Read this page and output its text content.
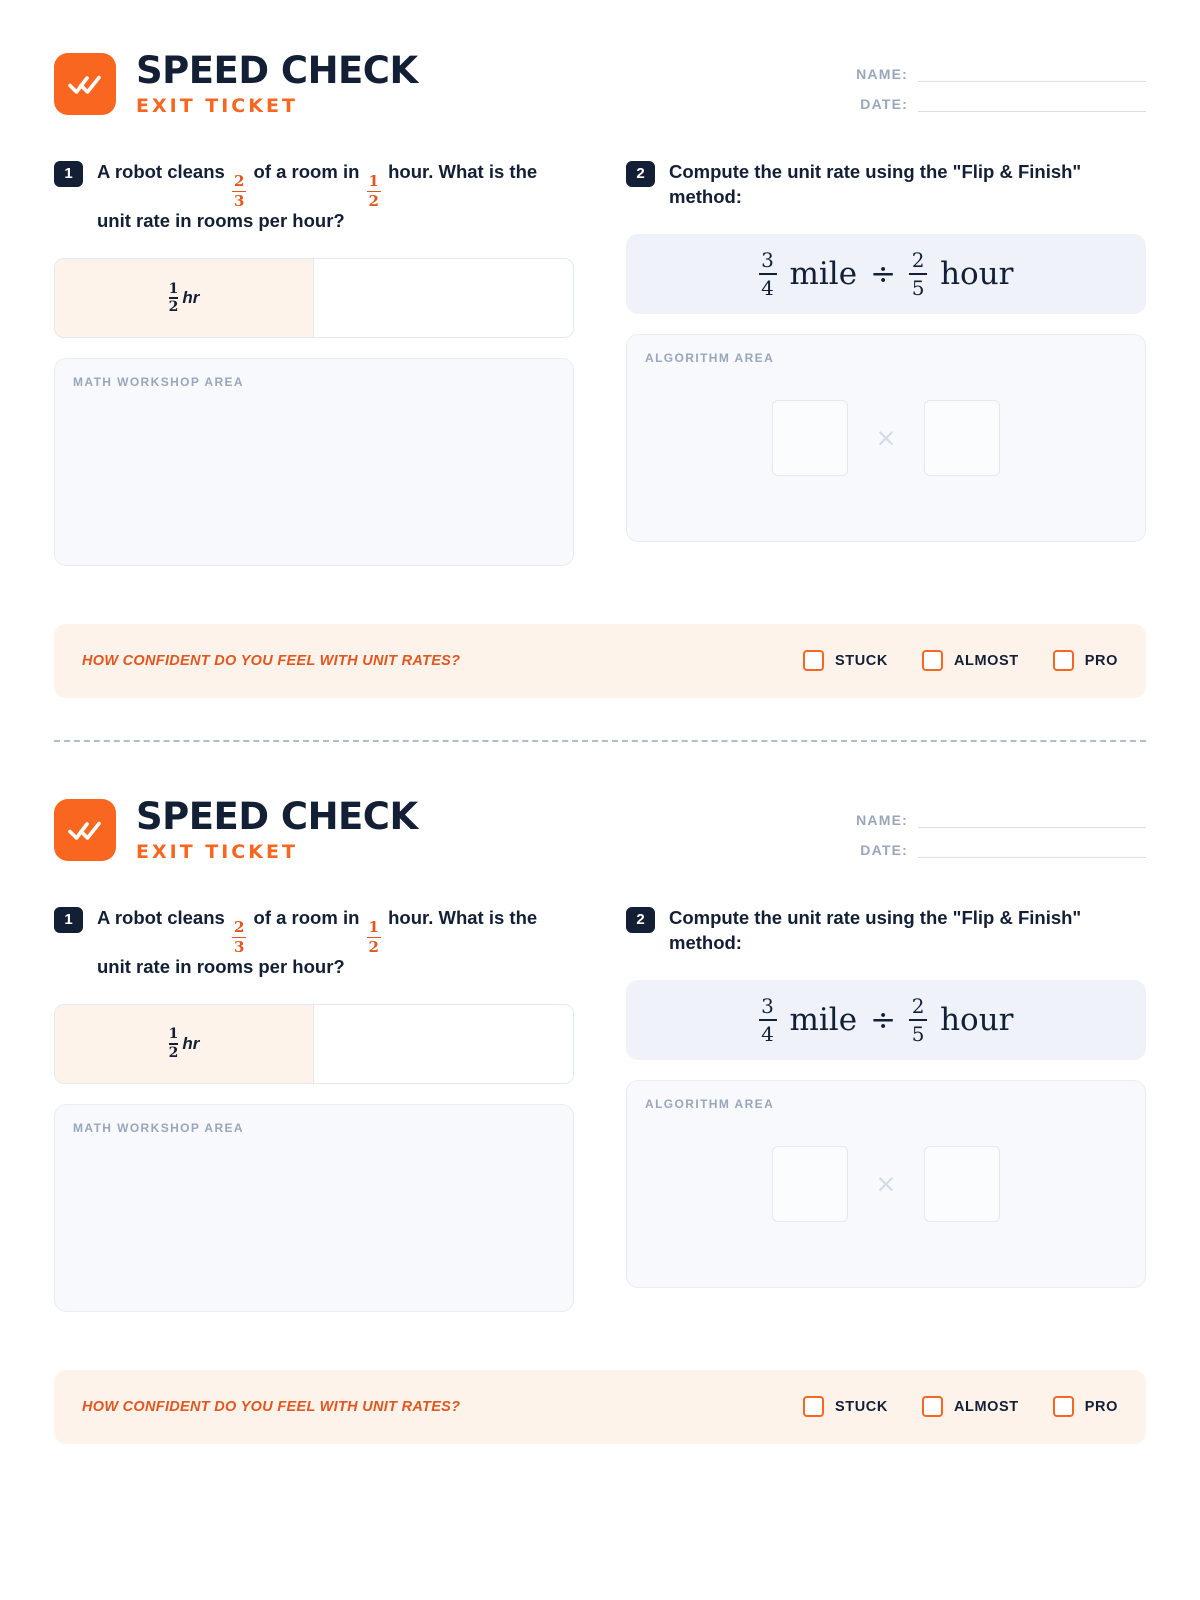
SPEED CHECK
EXIT TICKET
NAME:
DATE:
1	A robot cleans
$\frac{2}{3}$
of a room in
$\frac{1}{2}$
hour. What is the unit rate in rooms per hour?
$\frac{1}{2}$ hr
MATH WORKSHOP AREA
2	Compute the unit rate using the "Flip & Finish" method:
$\frac{3}{4}$ mile ÷ $\frac{2}{5}$ hour
ALGORITHM AREA
×
HOW CONFIDENT DO YOU FEEL WITH UNIT RATES?	STUCK	ALMOST	PRO
SPEED CHECK
EXIT TICKET
NAME:
DATE:
1	A robot cleans
$\frac{2}{3}$
of a room in
$\frac{1}{2}$
hour. What is the unit rate in rooms per hour?
$\frac{1}{2}$ hr
MATH WORKSHOP AREA
2	Compute the unit rate using the "Flip & Finish" method:
$\frac{3}{4}$ mile ÷ $\frac{2}{5}$ hour
ALGORITHM AREA
×
HOW CONFIDENT DO YOU FEEL WITH UNIT RATES?	STUCK	ALMOST	PRO
